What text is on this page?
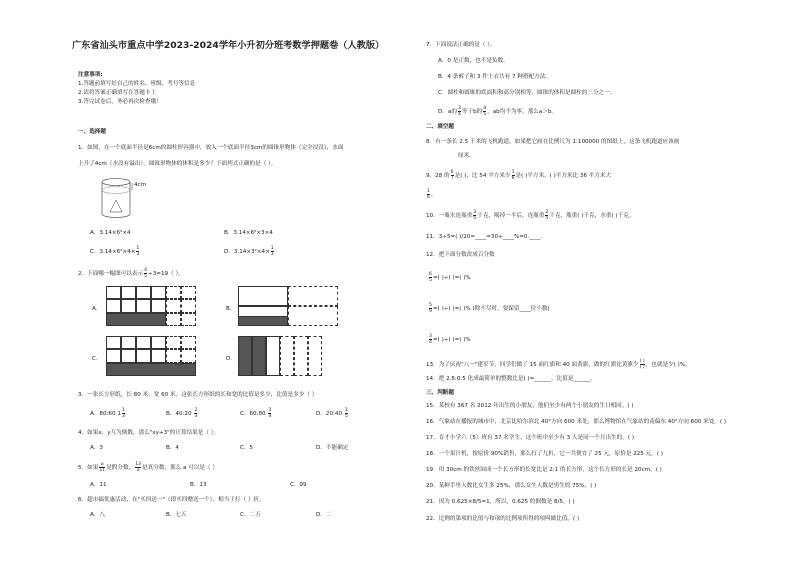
广东省汕头市重点中学2023-2024学年小升初分班考数学押题卷（人教版）
注意事项:
1.答题前填写好自己的姓名、班级、考号等信息
2.请将答案正确填写在答题卡上
3.答完试卷后，务必再次检查哦！
一、选择题
1．如图，在一个底面半径是6cm的圆柱形容器中，放入一个底面半径3cm的圆锥形物体（完全浸没），水面
上升了4cm（水没有溢出），圆锥形物体的体积是多少？下面列式正确的是（ ）。
4cm
A．3.14×6²×4	B．3.14×6²×3×4
C．$3.14\times 6^2\times 4\times \frac{1}{3}$	D．$3.14\times 3^2\times 4\times \frac{1}{3}$
2．下面哪一幅图可以表示 $\frac{4}{5} \div 3=19$（ ）。
A.	B.
C.	D.
3．一张长方形纸，长 80 米，宽 60 米。这张长方形纸的长和宽的比值是多少，比值是多少（ ）
A．80:60 $1 \frac{1}{3}$	B．40:20 $\frac{2}{3}$	C．60:80 $\frac{3}{4}$	D．20:40 $\frac{1}{5}$
4．如果x、y互为倒数，那么"xy+3"的计算结果是（ ）。
A．3	B．4	C．5	D．不能确定
5．如果 $\frac{a}{11}$ 是假分数， $\frac{13}{a}$ 是真分数，那么 a 可以是（ ）
A．11	B．13	C．99
6．超市搞优惠活动，在"买四送一"（即买四赠送一个），相当于打（ ）折。
A．八	B．七五	C．二五	D．二
7．下面说法正确的是（ ）。
A．0 是正数，也不是负数。
B．4 条裤子和 3 件上衣共有 7 种搭配方法。
C．圆柱和圆锥的底面积和高分别相等，圆锥的体积是圆柱的三分之一。
D．a的 $\frac{3}{4}$ 等于b的 $\frac{4}{5}$ ，ab均不为零，那么a＞b。
二、填空题
8．有一条长 2.5 千米的飞机跑道，如果把它画在比例尺为 1:100000 的图纸上，这条飞机跑道应该画
厘米。
9．28 的 $\frac{6}{7}$ 是( )，比 54 平方米少 $\frac{1}{6}$ 是( )平方米。( )平方米比 36 平方米大
$\frac{1}{6}$ 。
10．一瓶水连瓶重 $\frac{3}{5}$ 千克，喝掉一半后，连瓶重 $\frac{2}{5}$ 千克，瓶重( )千克，水重( )千克。
11．3÷5=( )/20=____=30÷____%=0.____。
12．把下面分数改成百分数
$\frac{6}{5}$ =( )÷( )=( )%
$\frac{5}{9}$ =( )÷( )=( )% (除不尽时，要保留____位小数)
$\frac{3}{4}$ =( )÷( )=( )%
13．为了庆祝"八一"建军节，同学们做了 15 面红旗和 40 面黄旗，做的红旗比黄旗少 $\frac{( )}{( )}$ ，也就是少( )%。
14．把 2.5:0.5 化成最简单的整数比是( )=______，比值是______。
三、判断题
15．某校有 367 名 2012 年出生的小朋友，他们至少有两个小朋友的生日相同。( )
16．气象站在播报的城市中，北京比哈尔滨北 40°方向 600 米处，那么博物馆在气象站的南偏东 40°方向 600 米处。( )
17．育才小学六（5）班有 37 名学生，这个班中至少有 3 人是同一个月出生的。( )
18．一个果汁机，按原价 90%销售，那么打了九折，它一共便宜了 25 元，原价是 225 元。( )
19．用 30cm 的铁丝围成一个长方形的长宽比是 2:1 的长方形，这个长方形的长是 20cm。( )
20．某种手里人数比女生多 25%，那么女生人数是男生的 75%。( )
21．因为 0.625×8/5=1，所以，0.625 的倒数是 8/5。( )
22．比例的第项的比值与和项的比例项所得的项叫做比值。( )
